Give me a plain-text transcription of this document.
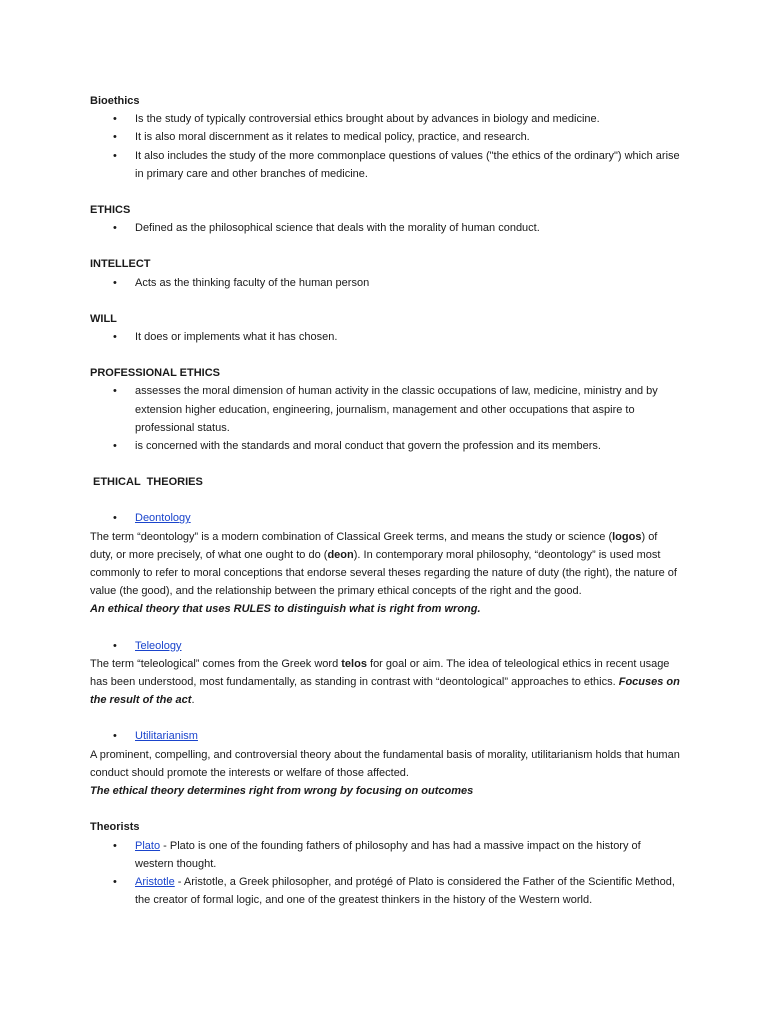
Bioethics
• Is the study of typically controversial ethics brought about by advances in biology and medicine.
• It is also moral discernment as it relates to medical policy, practice, and research.
• It also includes the study of the more commonplace questions of values ("the ethics of the ordinary") which arise in primary care and other branches of medicine.
ETHICS
• Defined as the philosophical science that deals with the morality of human conduct.
INTELLECT
• Acts as the thinking faculty of the human person
WILL
• It does or implements what it has chosen.
PROFESSIONAL ETHICS
• assesses the moral dimension of human activity in the classic occupations of law, medicine, ministry and by extension higher education, engineering, journalism, management and other occupations that aspire to professional status.
• is concerned with the standards and moral conduct that govern the profession and its members.
ETHICAL  THEORIES
• Deontology

The term “deontology” is a modern combination of Classical Greek terms, and means the study or science (logos) of duty, or more precisely, of what one ought to do (deon). In contemporary moral philosophy, “deontology” is used most commonly to refer to moral conceptions that endorse several theses regarding the nature of duty (the right), the nature of value (the good), and the relationship between the primary ethical concepts of the right and the good.

An ethical theory that uses RULES to distinguish what is right from wrong.

• Teleology

The term “teleological” comes from the Greek word telos for goal or aim. The idea of teleological ethics in recent usage has been understood, most fundamentally, as standing in contrast with “deontological” approaches to ethics. Focuses on the result of the act.

• Utilitarianism

A prominent, compelling, and controversial theory about the fundamental basis of morality, utilitarianism holds that human conduct should promote the interests or welfare of those affected.

The ethical theory determines right from wrong by focusing on outcomes

Theorists
• Plato - Plato is one of the founding fathers of philosophy and has had a massive impact on the history of western thought.
• Aristotle - Aristotle, a Greek philosopher, and protégé of Plato is considered the Father of the Scientific Method, the creator of formal logic, and one of the greatest thinkers in the history of the Western world.
